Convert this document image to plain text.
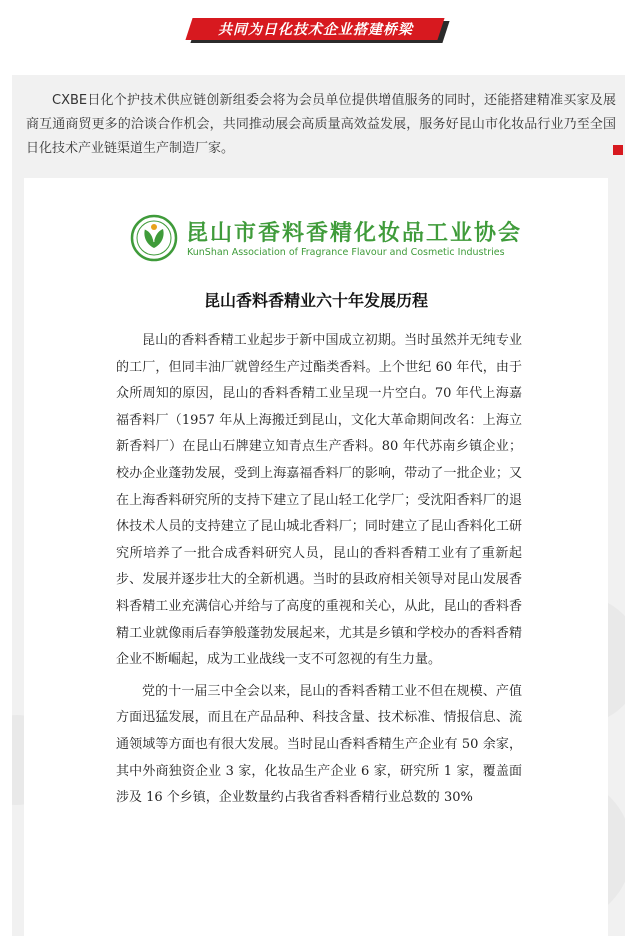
共同为日化技术企业搭建桥梁

CXBE日化个护技术供应链创新组委会将为会员单位提供增值服务的同时，还能搭建精准买家及展商互通商贸更多的洽谈合作机会，共同推动展会高质量高效益发展，服务好昆山市化妆品行业乃至全国日化技术产业链渠道生产制造厂家。

昆山市香料香精化妆品工业协会
KunShan Association of Fragrance Flavour and Cosmetic Industries
昆山香料香精业六十年发展历程

昆山的香料香精工业起步于新中国成立初期。当时虽然并无纯专业的工厂，但同丰油厂就曾经生产过酯类香料。上个世纪 60 年代，由于众所周知的原因，昆山的香料香精工业呈现一片空白。70 年代上海嘉福香料厂（1957 年从上海搬迁到昆山，文化大革命期间改名：上海立新香料厂）在昆山石牌建立知青点生产香料。80 年代苏南乡镇企业；校办企业蓬勃发展，受到上海嘉福香料厂的影响，带动了一批企业；又在上海香料研究所的支持下建立了昆山轻工化学厂；受沈阳香料厂的退休技术人员的支持建立了昆山城北香料厂；同时建立了昆山香料化工研究所培养了一批合成香料研究人员，昆山的香料香精工业有了重新起步、发展并逐步壮大的全新机遇。当时的县政府相关领导对昆山发展香料香精工业充满信心并给与了高度的重视和关心，从此，昆山的香料香精工业就像雨后春笋般蓬勃发展起来，尤其是乡镇和学校办的香料香精企业不断崛起，成为工业战线一支不可忽视的有生力量。

党的十一届三中全会以来，昆山的香料香精工业不但在规模、产值方面迅猛发展，而且在产品品种、科技含量、技术标准、情报信息、流通领域等方面也有很大发展。当时昆山香料香精生产企业有 50 余家，其中外商独资企业 3 家，化妆品生产企业 6 家，研究所 1 家，覆盖面涉及 16 个乡镇，企业数量约占我省香料香精行业总数的 30%
